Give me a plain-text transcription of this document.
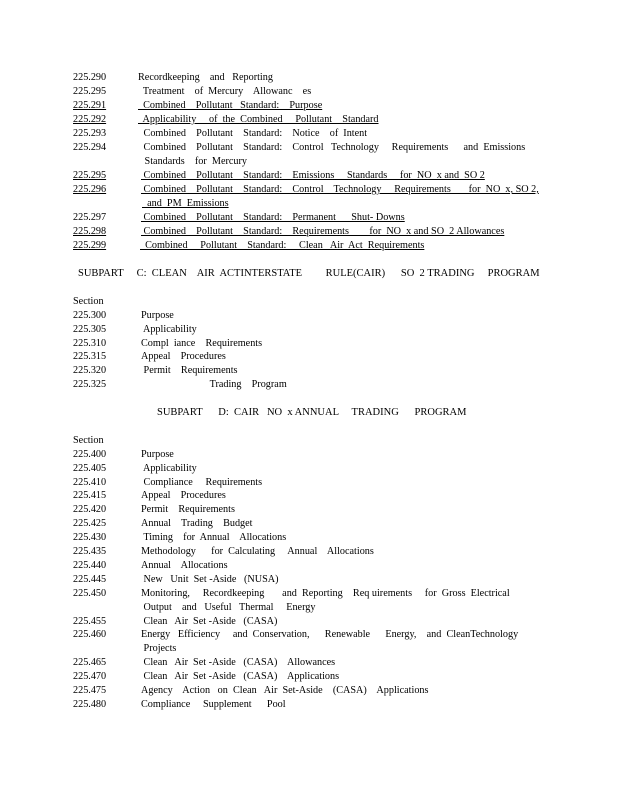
225.290	Recordkeeping    and   Reporting
225.295	Treatment    of  Mercury    Allowanc    es
225.291	Combined    Pollutant   Standard:    Purpose
225.292	Applicability     of  the  Combined     Pollutant    Standard
225.293	Combined    Pollutant    Standard:    Notice    of  Intent
225.294	Combined    Pollutant    Standard:    Control   Technology     Requirements      and  Emissions
Standards    for  Mercury
225.295	Combined    Pollutant    Standard:    Emissions     Standards     for  NO  x and  SO 2
225.296	Combined    Pollutant    Standard:    Control    Technology     Requirements       for  NO  x, SO 2,
and  PM  Emissions
225.297	Combined    Pollutant    Standard:    Permanent      Shut- Downs
225.298	Combined    Pollutant    Standard:    Requirements        for  NO  x and SO  2 Allowances
225.299	Combined     Pollutant    Standard:     Clean   Air  Act  Requirements
SUBPART     C:  CLEAN    AIR  ACTINTERSTATE         RULE(CAIR)      SO  2 TRADING     PROGRAM
Section
225.300	Purpose
225.305	Applicability
225.310	Compl  iance    Requirements
225.315	Appeal    Procedures
225.320	Permit    Requirements
225.325	Trading    Program
SUBPART      D:  CAIR   NO  x ANNUAL     TRADING      PROGRAM
Section
225.400	Purpose
225.405	Applicability
225.410	Compliance     Requirements
225.415	Appeal    Procedures
225.420	Permit    Requirements
225.425	Annual    Trading    Budget
225.430	Timing    for  Annual    Allocations
225.435	Methodology      for  Calculating     Annual    Allocations
225.440	Annual    Allocations
225.445	New   Unit  Set -Aside   (NUSA)
225.450	Monitoring,     Recordkeeping       and  Reporting    Req uirements     for  Gross  Electrical
Output    and   Useful   Thermal     Energy
225.455	Clean   Air  Set -Aside   (CASA)
225.460	Energy   Efficiency     and  Conservation,      Renewable      Energy,    and  CleanTechnology
Projects
225.465	Clean   Air  Set -Aside   (CASA)    Allowances
225.470	Clean   Air  Set -Aside   (CASA)    Applications
225.475	Agency    Action   on  Clean   Air  Set-Aside    (CASA)    Applications
225.480	Compliance     Supplement      Pool
